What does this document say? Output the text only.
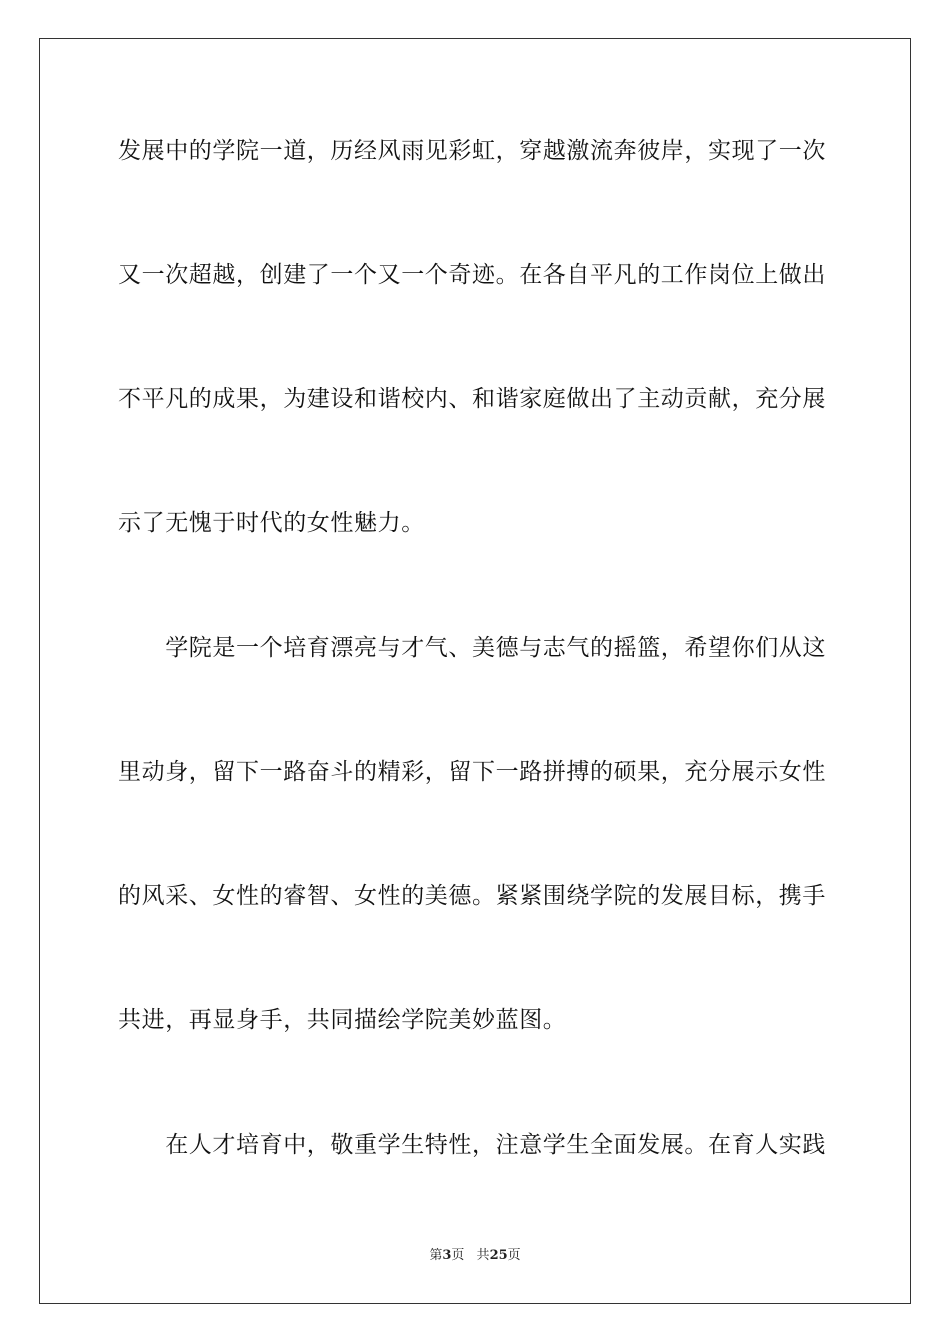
发展中的学院一道，历经风雨见彩虹，穿越激流奔彼岸，实现了一次
又一次超越，创建了一个又一个奇迹。在各自平凡的工作岗位上做出
不平凡的成果，为建设和谐校内、和谐家庭做出了主动贡献，充分展
示了无愧于时代的女性魅力。
　　学院是一个培育漂亮与才气、美德与志气的摇篮，希望你们从这
里动身，留下一路奋斗的精彩，留下一路拼搏的硕果，充分展示女性
的风采、女性的睿智、女性的美德。紧紧围绕学院的发展目标，携手
共进，再显身手，共同描绘学院美妙蓝图。
　　在人才培育中，敬重学生特性，注意学生全面发展。在育人实践
第3页 共25页
